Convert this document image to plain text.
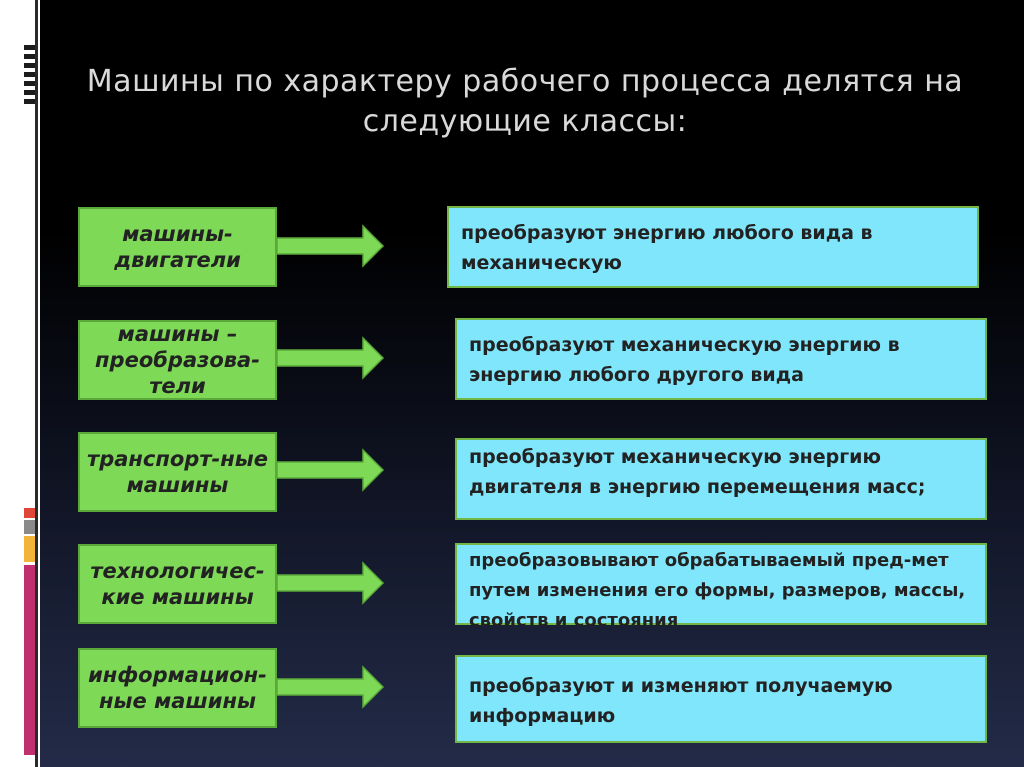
Машины по характеру рабочего процесса делятся на следующие классы:
машины-двигатели
преобразуют энергию любого вида в механическую
машины – преобразова-тели
преобразуют механическую энергию в энергию любого другого вида
транспорт-ные машины
преобразуют механическую энергию двигателя в энергию перемещения масс;
технологичес-кие машины
преобразовывают обрабатываемый пред-мет путем изменения его формы, размеров, массы, свойств и состояния
информацион-ные машины
преобразуют и изменяют получаемую информацию
